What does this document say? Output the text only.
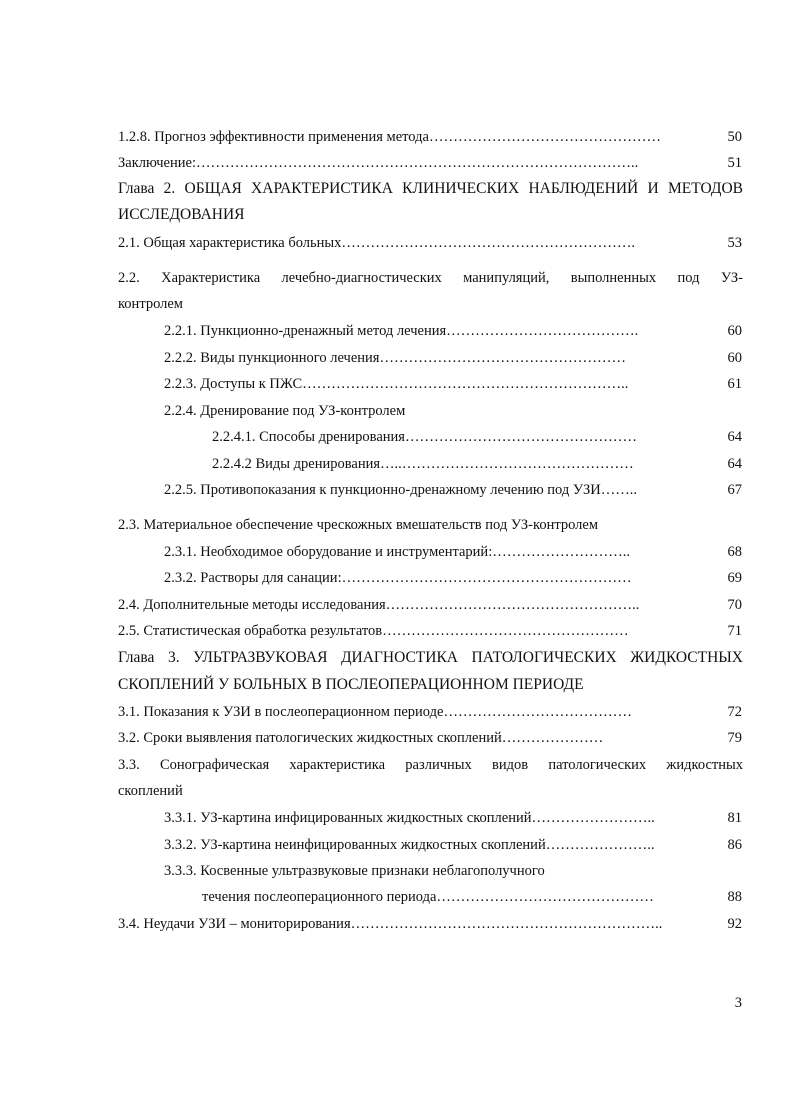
1.2.8. Прогноз эффективности применения метода…………………………………………	50
Заключение:………………………………………………………………………………..	51
Глава 2. ОБЩАЯ ХАРАКТЕРИСТИКА КЛИНИЧЕСКИХ НАБЛЮДЕНИЙ И МЕТОДОВ
ИССЛЕДОВАНИЯ
2.1. Общая характеристика больных…………………………………………………….	53
2.2. Характеристика лечебно-диагностических манипуляций, выполненных под УЗ-
контролем
2.2.1. Пункционно-дренажный метод лечения………………………………….	60
2.2.2. Виды пункционного лечения……………………………………………	60
2.2.3. Доступы к ПЖС…………………………………………………………..	61
2.2.4. Дренирование под УЗ-контролем
2.2.4.1. Способы дренирования…………………………………………	64
2.2.4.2 Виды дренирования…..…………………………………………	64
2.2.5. Противопоказания к пункционно-дренажному лечению под УЗИ……..	67
2.3. Материальное обеспечение чрескожных вмешательств под УЗ-контролем
2.3.1. Необходимое оборудование и инструментарий:………………………..	68
2.3.2. Растворы для санации:……………………………………………………	69
2.4. Дополнительные методы исследования……………………………………………..	70
2.5. Статистическая обработка результатов……………………………………………	71
Глава 3. УЛЬТРАЗВУКОВАЯ ДИАГНОСТИКА ПАТОЛОГИЧЕСКИХ ЖИДКОСТНЫХ
СКОПЛЕНИЙ У БОЛЬНЫХ В ПОСЛЕОПЕРАЦИОННОМ ПЕРИОДЕ
3.1. Показания к УЗИ в послеоперационном периоде…………………………………	72
3.2. Сроки выявления патологических жидкостных скоплений…………………	79
3.3. Сонографическая характеристика различных видов патологических жидкостных
скоплений
3.3.1. УЗ-картина инфицированных жидкостных скоплений……………………..	81
3.3.2. УЗ-картина неинфицированных жидкостных скоплений…………………..	86
3.3.3. Косвенные ультразвуковые признаки неблагополучного
течения послеоперационного периода………………………………………	88
3.4. Неудачи УЗИ – мониторирования………………………………………………………..	92
3
